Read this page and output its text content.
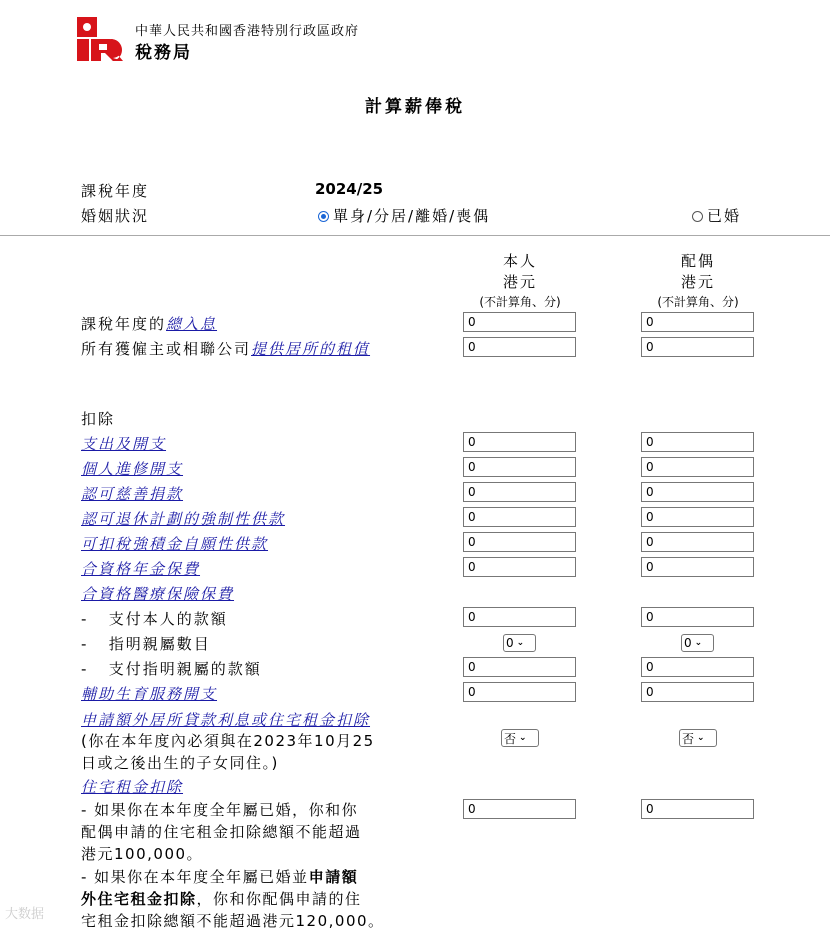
中華人民共和國香港特別行政區政府
稅務局
計算薪俸稅
課稅年度	2024/25
婚姻狀況	單身/分居/離婚/喪偶	已婚
本人
港元
(不計算角、分)
配偶
港元
(不計算角、分)
課稅年度的總入息	0	0
所有獲僱主或相聯公司提供居所的租值	0	0
扣除
支出及開支	0	0
個人進修開支	0	0
認可慈善捐款	0	0
認可退休計劃的強制性供款	0	0
可扣稅強積金自願性供款	0	0
合資格年金保費	0	0
合資格醫療保險保費
-   支付本人的款額	0	0
-   指明親屬數目	0 ⌄	0 ⌄
-   支付指明親屬的款額	0	0
輔助生育服務開支	0	0
申請額外居所貸款利息或住宅租金扣除
(你在本年度內必須與在2023年10月25
日或之後出生的子女同住。)
否 ⌄	否 ⌄
住宅租金扣除
- 如果你在本年度全年屬已婚，你和你
配偶申請的住宅租金扣除總額不能超過
港元100,000。
0	0
- 如果你在本年度全年屬已婚並申請額
外住宅租金扣除，你和你配偶申請的住
宅租金扣除總額不能超過港元120,000。
大数据
